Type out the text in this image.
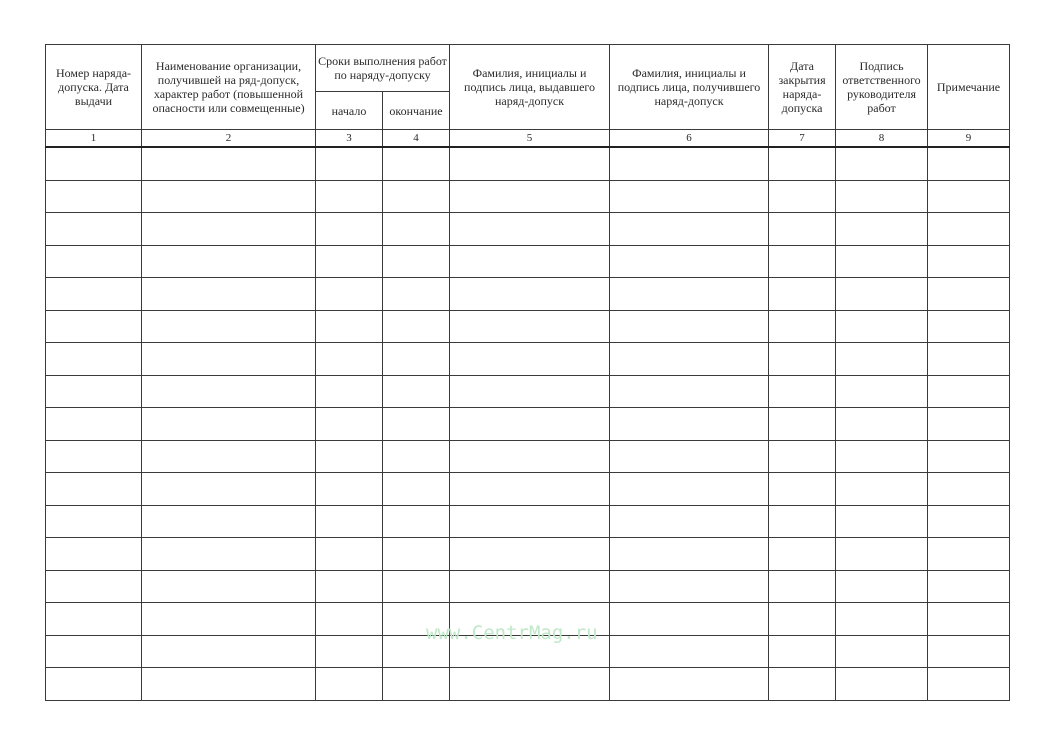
Номер наряда-допуска. Дата выдачи	Наименование организации, получившей на ряд-допуск, характер работ (повышенной опасности или совмещенные)	Сроки выполнения работ по наряду-допуску		Фамилия, инициалы и подпись лица, выдавшего наряд-допуск	Фамилия, инициалы и подпись лица, получившего наряд-допуск	Дата закрытия наряда-допуска	Подпись ответственного руководителя работ	Примечание
		начало	окончание					
1	2	3	4	5	6	7	8	9

www.CentrMag.ru
